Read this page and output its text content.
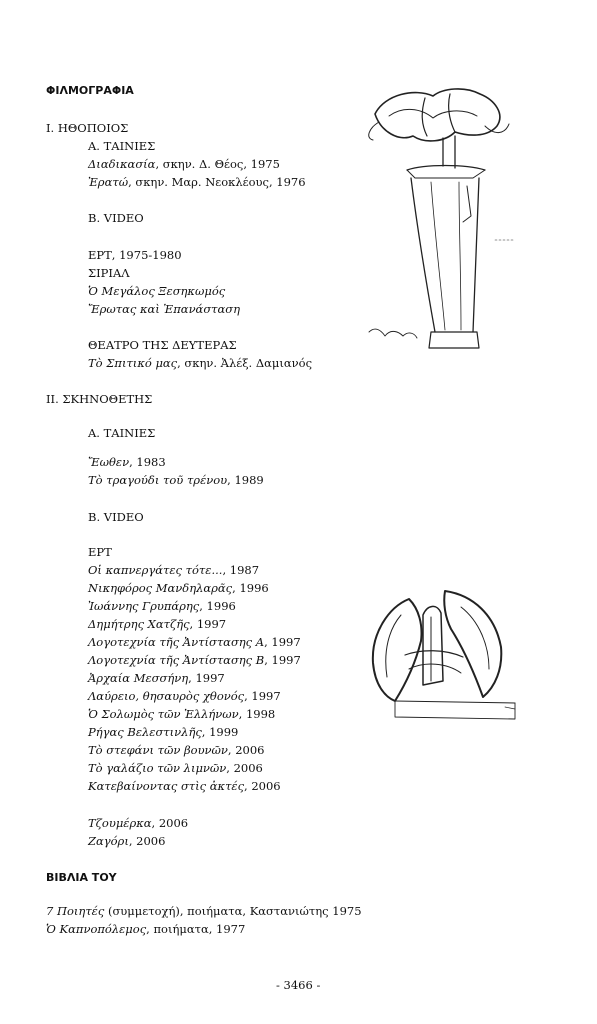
ΦΙΛΜΟΓΡΑΦΙΑ
Ι. ΗΘΟΠΟΙΟΣ
Α. ΤΑΙΝΙΕΣ
Διαδικασία, σκην. Δ. Θέος, 1975
Ἐρατώ, σκην. Μαρ. Νεοκλέους, 1976
Β. VIDEO
ΕΡΤ, 1975-1980
ΣΙΡΙΑΛ
Ὁ Μεγάλος Ξεσηκωμός
Ἔρωτας καὶ Ἐπανάσταση
ΘΕΑΤΡΟ ΤΗΣ ΔΕΥΤΕΡΑΣ
Τὸ Σπιτικό μας, σκην. Ἀλέξ. Δαμιανός
ΙΙ. ΣΚΗΝΟΘΕΤΗΣ
Α. ΤΑΙΝΙΕΣ
Ἔωθεν, 1983
Τὸ τραγούδι τοῦ τρένου, 1989
Β. VIDEO
ΕΡΤ
Οἱ καπνεργάτες τότε..., 1987
Νικηφόρος Μανδηλαρᾶς, 1996
Ἰωάννης Γρυπάρης, 1996
Δημήτρης Χατζῆς, 1997
Λογοτεχνία τῆς Ἀντίστασης Α, 1997
Λογοτεχνία τῆς Ἀντίστασης Β, 1997
Ἀρχαία Μεσσήνη, 1997
Λαύρειο, θησαυρὸς χθονός, 1997
Ὁ Σολωμὸς τῶν Ἑλλήνων, 1998
Ρήγας Βελεστινλῆς, 1999
Τὸ στεφάνι τῶν βουνῶν, 2006
Τὸ γαλάζιο τῶν λιμνῶν, 2006
Κατεβαίνοντας στὶς ἀκτές, 2006
Τζουμέρκα, 2006
Ζαγόρι, 2006
ΒΙΒΛΙΑ ΤΟΥ
7 Ποιητές (συμμετοχή), ποιήματα, Καστανιώτης 1975
Ὁ Καπνοπόλεμος, ποιήματα, 1977
- 3466 -
